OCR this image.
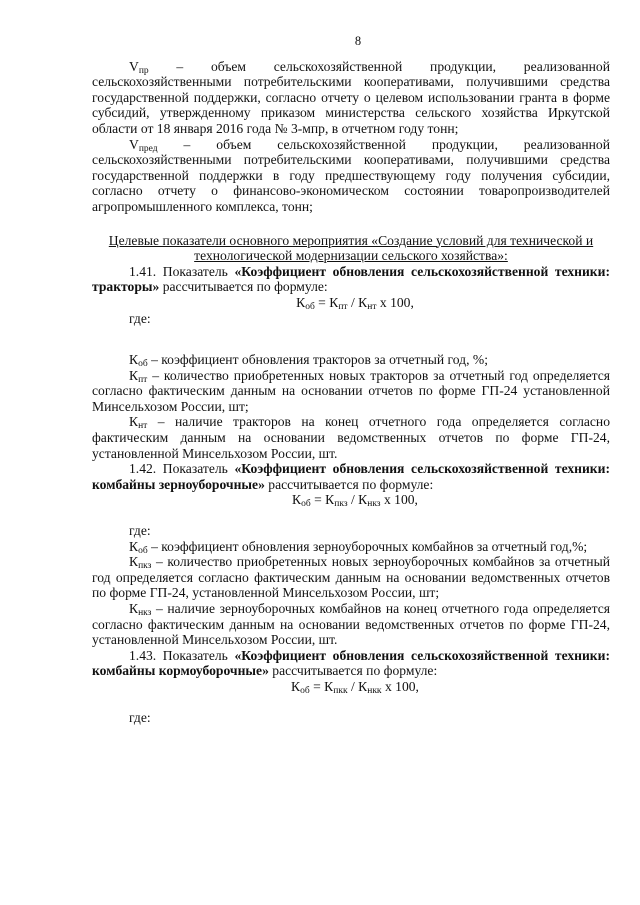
8

$V_{пр}$ – объем сельскохозяйственной продукции, реализованной сельскохозяйственными потребительскими кооперативами, получившими средства государственной поддержки, согласно отчету о целевом использовании гранта в форме субсидий, утвержденному приказом министерства сельского хозяйства Иркутской области от 18 января 2016 года № 3-мпр, в отчетном году тонн;

$V_{пред}$ – объем сельскохозяйственной продукции, реализованной сельскохозяйственными потребительскими кооперативами, получившими средства государственной поддержки в году предшествующему году получения субсидии, согласно отчету о финансово-экономическом состоянии товаропроизводителей агропромышленного комплекса, тонн;

Целевые показатели основного мероприятия «Создание условий для технической и технологической модернизации сельского хозяйства»:

1.41. Показатель «Коэффициент обновления сельскохозяйственной техники: тракторы» рассчитывается по формуле:

$К_{об} = К_{пт} / К_{нт}$ х 100,

где:

$К_{об}$ – коэффициент обновления тракторов за отчетный год, %;

$К_{пт}$ – количество приобретенных новых тракторов за отчетный год определяется согласно фактическим данным на основании отчетов по форме ГП-24 установленной Минсельхозом России, шт;

$К_{нт}$ – наличие тракторов на конец отчетного года определяется согласно фактическим данным на основании ведомственных отчетов по форме ГП-24, установленной Минсельхозом России, шт.

1.42. Показатель «Коэффициент обновления сельскохозяйственной техники: комбайны зерноуборочные» рассчитывается по формуле:

$К_{об} = К_{пкз} / К_{нкз}$ х 100,

где:

$К_{об}$ – коэффициент обновления зерноуборочных комбайнов за отчетный год,%;

$К_{пкз}$ – количество приобретенных новых зерноуборочных комбайнов за отчетный год определяется согласно фактическим данным на основании ведомственных отчетов по форме ГП-24, установленной Минсельхозом России, шт;

$К_{нкз}$ – наличие зерноуборочных комбайнов на конец отчетного года определяется согласно фактическим данным на основании ведомственных отчетов по форме ГП-24, установленной Минсельхозом России, шт.

1.43. Показатель «Коэффициент обновления сельскохозяйственной техники: комбайны кормоуборочные» рассчитывается по формуле:

$К_{об} = К_{пкк} / К_{нкк}$ х 100,

где:
